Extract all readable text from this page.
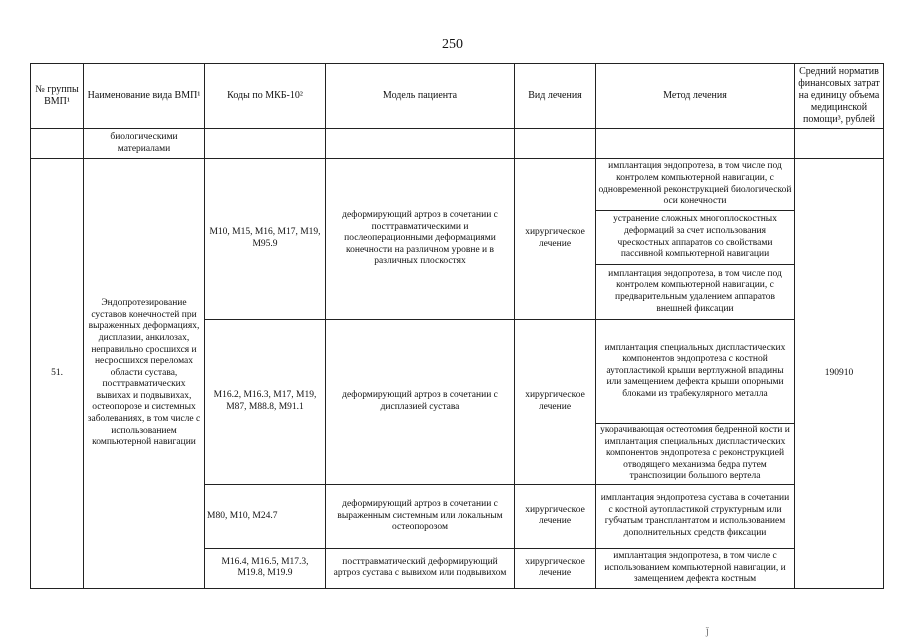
250
№ группы ВМП¹	Наименование вида ВМП¹	Коды по МКБ-10²	Модель пациента	Вид лечения	Метод лечения	Средний норматив финансовых затрат на единицу объема медицинской помощи³, рублей
	биологическими материалами					
51.	Эндопротезирование суставов конечностей при выраженных деформациях, дисплазии, анкилозах, неправильно сросшихся и несросшихся переломах области сустава, посттравматических вывихах и подвывихах, остеопорозе и системных заболеваниях, в том числе с использованием компьютерной навигации	M10, M15, M16, M17, M19, M95.9	деформирующий артроз в сочетании с посттравматическими и послеоперационными деформациями конечности на различном уровне и в различных плоскостях	хирургическое лечение	имплантация эндопротеза, в том числе под контролем компьютерной навигации, с одновременной реконструкцией биологической оси конечности	190910
					устранение сложных многоплоскостных деформаций за счет использования чрескостных аппаратов со свойствами пассивной компьютерной навигации	
					имплантация эндопротеза, в том числе под контролем компьютерной навигации, с предварительным удалением аппаратов внешней фиксации	
		M16.2, M16.3, M17, M19, M87, M88.8, M91.1	деформирующий артроз в сочетании с дисплазией сустава	хирургическое лечение	имплантация специальных диспластических компонентов эндопротеза с костной аутопластикой крыши вертлужной впадины или замещением дефекта крыши опорными блоками из трабекулярного металла	
					укорачивающая остеотомия бедренной кости и имплантация специальных диспластических компонентов эндопротеза с реконструкцией отводящего механизма бедра путем транспозиции большого вертела	
		M80, M10, M24.7	деформирующий артроз в сочетании с выраженным системным или локальным остеопорозом	хирургическое лечение	имплантация эндопротеза сустава в сочетании с костной аутопластикой структурным или губчатым трансплантатом и использованием дополнительных средств фиксации	
		M16.4, M16.5, M17.3, M19.8, M19.9	посттравматический деформирующий артроз сустава с вывихом или подвывихом	хирургическое лечение	имплантация эндопротеза, в том числе с использованием компьютерной навигации, и замещением дефекта костным	
ǰ
